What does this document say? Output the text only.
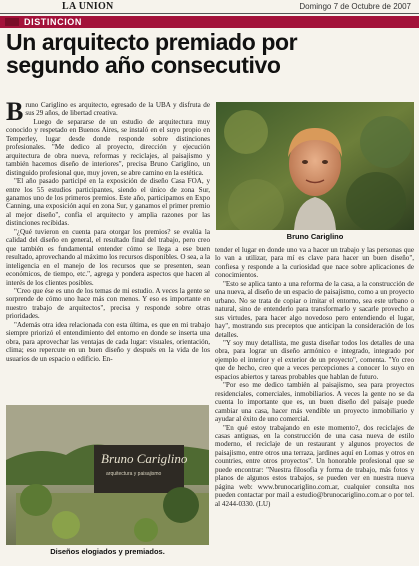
LA UNION	Domingo 7 de Octubre de 2007
DISTINCION
Un arquitecto premiado por
segundo año consecutivo

Bruno Cariglino es arquitecto, egresado de la UBA y disfruta de sus 29 años, de libertad creativa.

Luego de separarse de un estudio de arquitectura muy conocido y respetado en Buenos Aires, se instaló en el suyo propio en Temperley, lugar desde donde responde sobre distinciones profesionales. "Me dedico al proyecto, dirección y ejecución arquitectura de obra nueva, reformas y reciclajes, al paisajismo y también hacemos diseño de interiores", precisa Bruno Cariglino, un distinguido profesional que, muy joven, se abre camino en la estética.

"El año pasado participé en la exposición de diseño Casa FOA, y entre los 55 estudios participantes, siendo el único de zona Sur, ganamos uno de los primeros premios. Este año, participamos en Expo Canning, una exposición aquí en zona Sur, y ganamos el primer premio al mejor diseño", confía el arquitecto y amplia razones por las distinciones recibidas.

"¿Qué tuvieron en cuenta para otorgar los premios? se evalúa la calidad del diseño en general, el resultado final del trabajo, pero creo que también es fundamental entender cómo se llega a ese buen resultado, aprovechando al máximo los recursos disponibles. O sea, a la inteligencia en el manejo de los recursos que se presenten, sean económicos, de tiempo, etc.", agrega y pondera aspectos que hacen al interés de los clientes posibles.

"Creo que ése es uno de los temas de mi estudio. A veces la gente se sorprende de cómo uno hace más con menos. Y eso es importante en nuestro trabajo de arquitectos", precisa y responde sobre otras prioridades.

"Además otra idea relacionada con esta última, es que en mi trabajo siempre priorizó el entendimiento del entorno en donde se inserta una obra, para aprovechar las ventajas de cada lugar: visuales, orientación, clima; eso repercute en un buen diseño y después en la vida de los usuarios de un espacio o edificio. En-

Bruno Cariglino

tender el lugar en donde uno va a hacer un trabajo y las personas que lo van a utilizar, para mí es clave para hacer un buen diseño", confiesa y responde a la curiosidad que nace sobre aplicaciones de conocimientos.

"Esto se aplica tanto a una reforma de la casa, a la construcción de una nueva, al diseño de un espacio de paisajismo, como a un proyecto urbano. No se trata de copiar o imitar el entorno, sea este urbano o natural, sino de entenderlo para transformarlo y sacarle provecho a sus virtudes, para hacer algo novedoso pero entendiendo el lugar, hay", mostrando sus preceptos que anticipan la consideración de los detalles.

"Y soy muy detallista, me gusta diseñar todos los detalles de una obra, para lograr un diseño armónico e integrado, integrado por ejemplo el interior y el exterior de un proyecto", comenta. "Yo creo que de hecho, creo que a veces percepciones a conocer lo suyo en espacios abiertos y tareas probables que hablan de futuro.

"Por eso me dedico también al paisajismo, sea para proyectos residenciales, comerciales, inmobiliarios. A veces la gente no se da cuenta lo importante que es, un buen diseño del paisaje puede cambiar una casa, hacer más vendible un proyecto inmobiliario y ayudar al éxito de uno comercial.

"En qué estoy trabajando en este momento?, dos reciclajes de casas antiguas, en la construcción de una casa nueva de estilo moderno, el reciclaje de un restaurant y algunos proyectos de paisajismo, entre otros una terraza, jardines aquí en Lomas y otros en countries, entre otros proyectos". Un honorable profesional que se puede encontrar: "Nuestra filosofía y forma de trabajo, más fotos y planos de algunos estos trabajos, se pueden ver en nuestra nueva página web: www.brunocariglino.com.ar, cualquier consulta nos pueden contactar por mail a estudio@brunocariglino.com.ar o por tel. al 4244-0330. (LU)

Bruno Cariglino
arquitectura y paisajismo
Diseños elogiados y premiados.
